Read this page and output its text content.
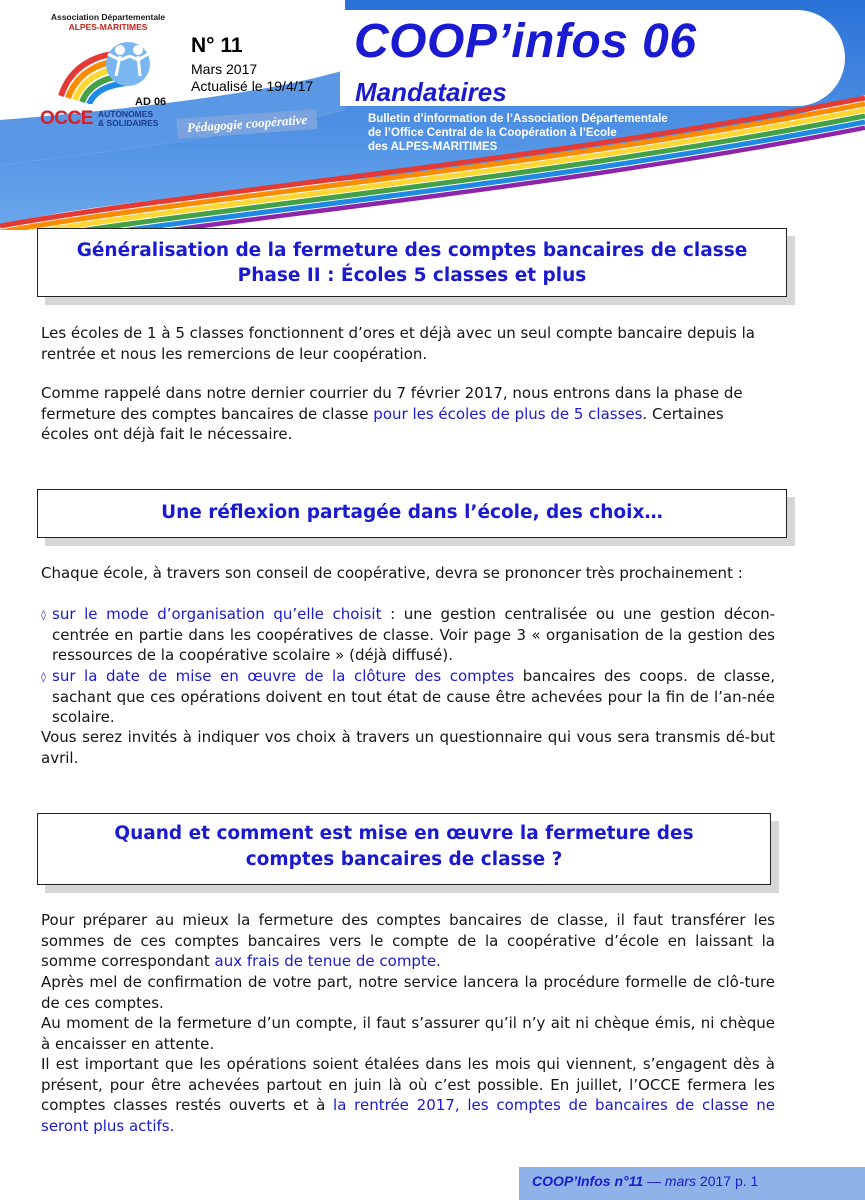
Association Départementale
ALPES-MARITIMES
AD 06
OCCE AUTONOMES
& SOLIDAIRES
N° 11
Mars 2017
Actualisé le 19/4/17
COOP’infos 06
Mandataires
Pédagogie coopérative	Bulletin d’information de l’Association Départementale
de l’Office Central de la Coopération à l’Ecole
des ALPES-MARITIMES
Généralisation de la fermeture des comptes bancaires de classe
Phase II : Écoles 5 classes et plus
Les écoles de 1 à 5 classes fonctionnent d’ores et déjà avec un seul compte bancaire depuis la rentrée et nous les remercions de leur coopération.
Comme rappelé dans notre dernier courrier du 7 février 2017, nous entrons dans la phase de fermeture des comptes bancaires de classe pour les écoles de plus de 5 classes. Certaines écoles ont déjà fait le nécessaire.
Une réflexion partagée dans l’école, des choix…
Chaque école, à travers son conseil de coopérative, devra se prononcer très prochainement :
◊ sur le mode d’organisation qu’elle choisit : une gestion centralisée ou une gestion décon-centrée en partie dans les coopératives de classe. Voir page 3 « organisation de la gestion des ressources de la coopérative scolaire » (déjà diffusé).
◊ sur la date de mise en œuvre de la clôture des comptes bancaires des coops. de classe, sachant que ces opérations doivent en tout état de cause être achevées pour la fin de l’an-née scolaire.
Vous serez invités à indiquer vos choix à travers un questionnaire qui vous sera transmis dé-but avril.
Quand et comment est mise en œuvre la fermeture des
comptes bancaires de classe ?
Pour préparer au mieux la fermeture des comptes bancaires de classe, il faut transférer les sommes de ces comptes bancaires vers le compte de la coopérative d’école en laissant la somme correspondant aux frais de tenue de compte.
Après mel de confirmation de votre part, notre service lancera la procédure formelle de clô-ture de ces comptes.
Au moment de la fermeture d’un compte, il faut s’assurer qu’il n’y ait ni chèque émis, ni chèque à encaisser en attente.
Il est important que les opérations soient étalées dans les mois qui viennent, s’engagent dès à présent, pour être achevées partout en juin là où c’est possible. En juillet, l’OCCE fermera les comptes classes restés ouverts et à la rentrée 2017, les comptes de bancaires de classe ne seront plus actifs.
COOP’Infos n°11 — mars 2017 p. 1
